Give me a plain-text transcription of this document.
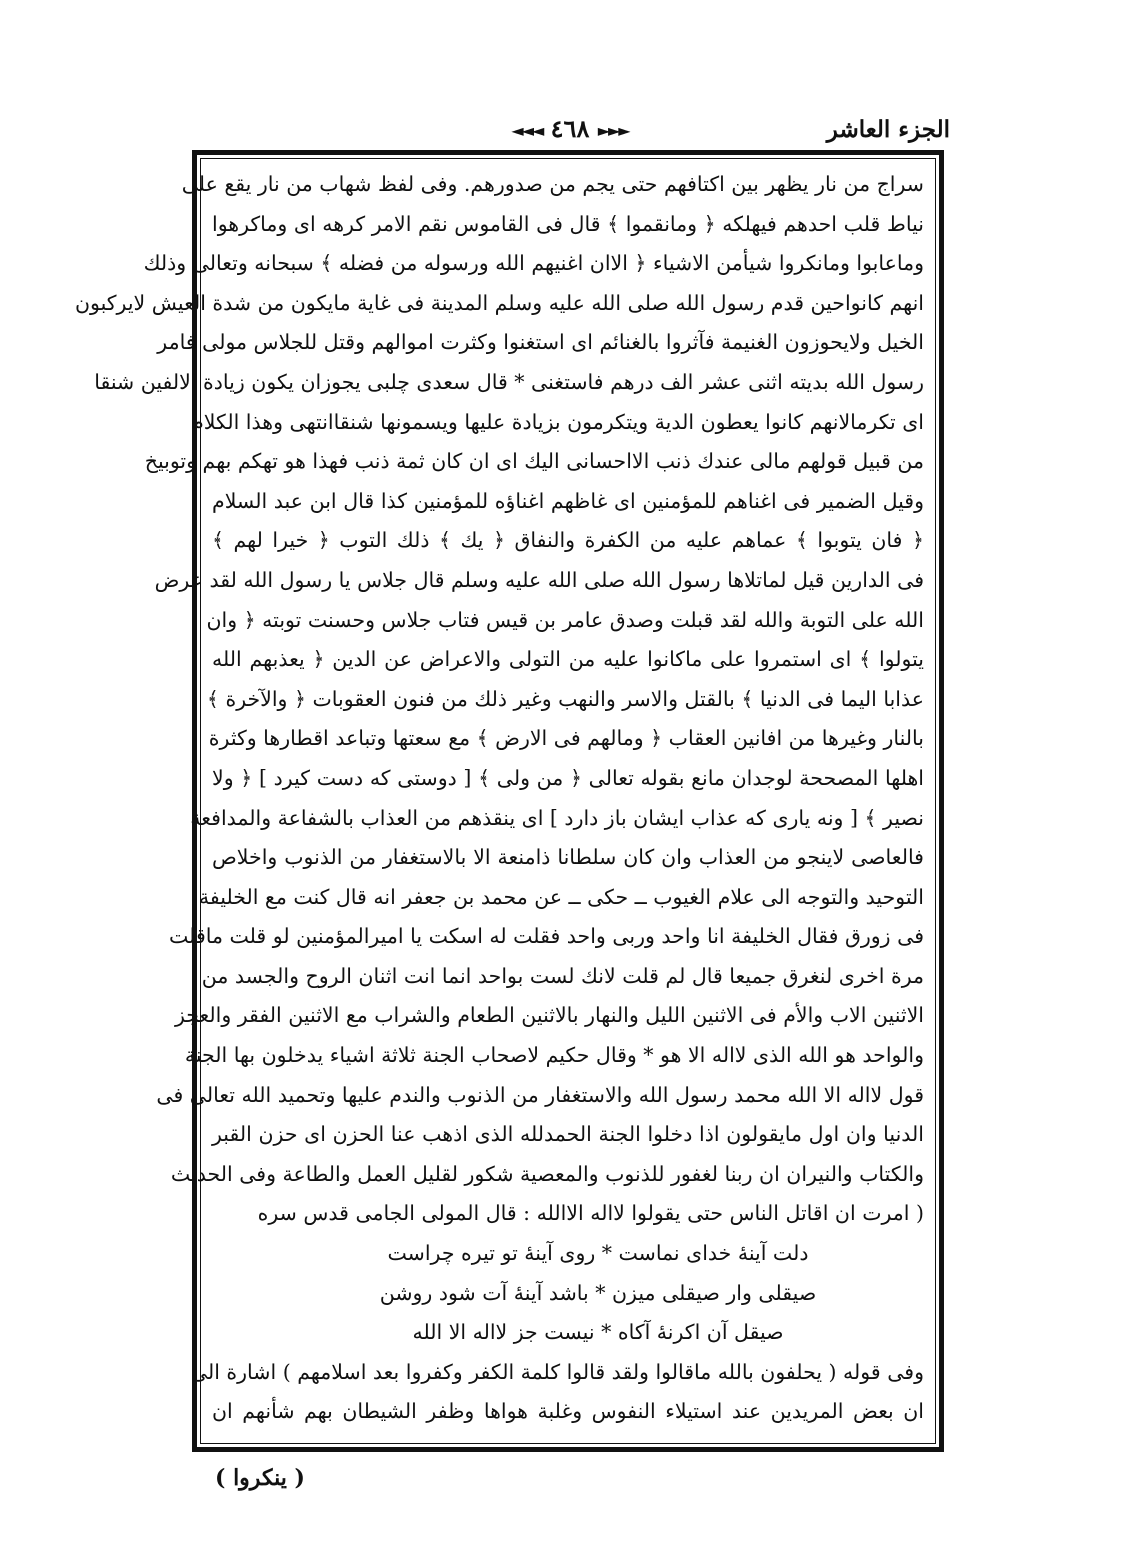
الجزء العاشر
►►► ٤٦٨ ◄◄◄
سراج من نار يظهر بين اكتافهم حتى يجم من صدورهم. وفى لفظ شهاب من نار يقع على
نياط قلب احدهم فيهلكه ﴿ ومانقموا ﴾ قال فى القاموس نقم الامر كرهه اى وماكرهوا
وماعابوا ومانكروا شيأمن الاشياء ﴿ الاان اغنيهم الله ورسوله من فضله ﴾ سبحانه وتعالى وذلك
انهم كانواحين قدم رسول الله صلى الله عليه وسلم المدينة فى غاية مايكون من شدة العيش لايركبون
الخيل ولايحوزون الغنيمة فآثروا بالغنائم اى استغنوا وكثرت اموالهم وقتل للجلاس مولى فامر
رسول الله بديته اثنى عشر الف درهم فاستغنى * قال سعدى چلبى يجوزان يكون زيادة الالفين شنقا
اى تكرمالانهم كانوا يعطون الدية ويتكرمون بزيادة عليها ويسمونها شنقاانتهى وهذا الكلام
من قبيل قولهم مالى عندك ذنب الااحسانى اليك اى ان كان ثمة ذنب فهذا هو تهكم بهم وتوبيخ
وقيل الضمير فى اغناهم للمؤمنين اى غاظهم اغناؤه للمؤمنين كذا قال ابن عبد السلام
﴿ فان يتوبوا ﴾ عماهم عليه من الكفرة والنفاق ﴿ يك ﴾ ذلك التوب ﴿ خيرا لهم ﴾
فى الدارين قيل لماتلاها رسول الله صلى الله عليه وسلم قال جلاس يا رسول الله لقد عرض
الله على التوبة والله لقد قبلت وصدق عامر بن قيس فتاب جلاس وحسنت توبته ﴿ وان
يتولوا ﴾ اى استمروا على ماكانوا عليه من التولى والاعراض عن الدين ﴿ يعذبهم الله
عذابا اليما فى الدنيا ﴾ بالقتل والاسر والنهب وغير ذلك من فنون العقوبات ﴿ والآخرة ﴾
بالنار وغيرها من افانين العقاب ﴿ ومالهم فى الارض ﴾ مع سعتها وتباعد اقطارها وكثرة
اهلها المصححة لوجدان مانع بقوله تعالى ﴿ من ولى ﴾ [ دوستى كه دست كيرد ] ﴿ ولا
نصير ﴾ [ ونه يارى كه عذاب ايشان باز دارد ] اى ينقذهم من العذاب بالشفاعة والمدافعة
فالعاصى لاينجو من العذاب وان كان سلطانا ذامنعة الا بالاستغفار من الذنوب واخلاص
التوحيد والتوجه الى علام الغيوب ــ حكى ــ عن محمد بن جعفر انه قال كنت مع الخليفة
فى زورق فقال الخليفة انا واحد وربى واحد فقلت له اسكت يا اميرالمؤمنين لو قلت ماقلت
مرة اخرى لنغرق جميعا قال لم قلت لانك لست بواحد انما انت اثنان الروح والجسد من
الاثنين الاب والأم فى الاثنين الليل والنهار بالاثنين الطعام والشراب مع الاثنين الفقر والعجز
والواحد هو الله الذى لااله الا هو * وقال حكيم لاصحاب الجنة ثلاثة اشياء يدخلون بها الجنة
قول لااله الا الله محمد رسول الله والاستغفار من الذنوب والندم عليها وتحميد الله تعالى فى
الدنيا وان اول مايقولون اذا دخلوا الجنة الحمدلله الذى اذهب عنا الحزن اى حزن القبر
والكتاب والنيران ان ربنا لغفور للذنوب والمعصية شكور لقليل العمل والطاعة وفى الحديث
( امرت ان اقاتل الناس حتى يقولوا لااله الاالله : قال المولى الجامى قدس سره
دلت آينهٔ خداى نماست * روى آينهٔ تو تيره چراست
صيقلى وار صيقلى ميزن * باشد آينهٔ آت شود روشن
صيقل آن اكرنهٔ آكاه * نيست جز لااله الا الله
وفى قوله ( يحلفون بالله ماقالوا ولقد قالوا كلمة الكفر وكفروا بعد اسلامهم ) اشارة الى
ان بعض المريدين عند استيلاء النفوس وغلبة هواها وظفر الشيطان بهم شأنهم ان
( ينكروا )
